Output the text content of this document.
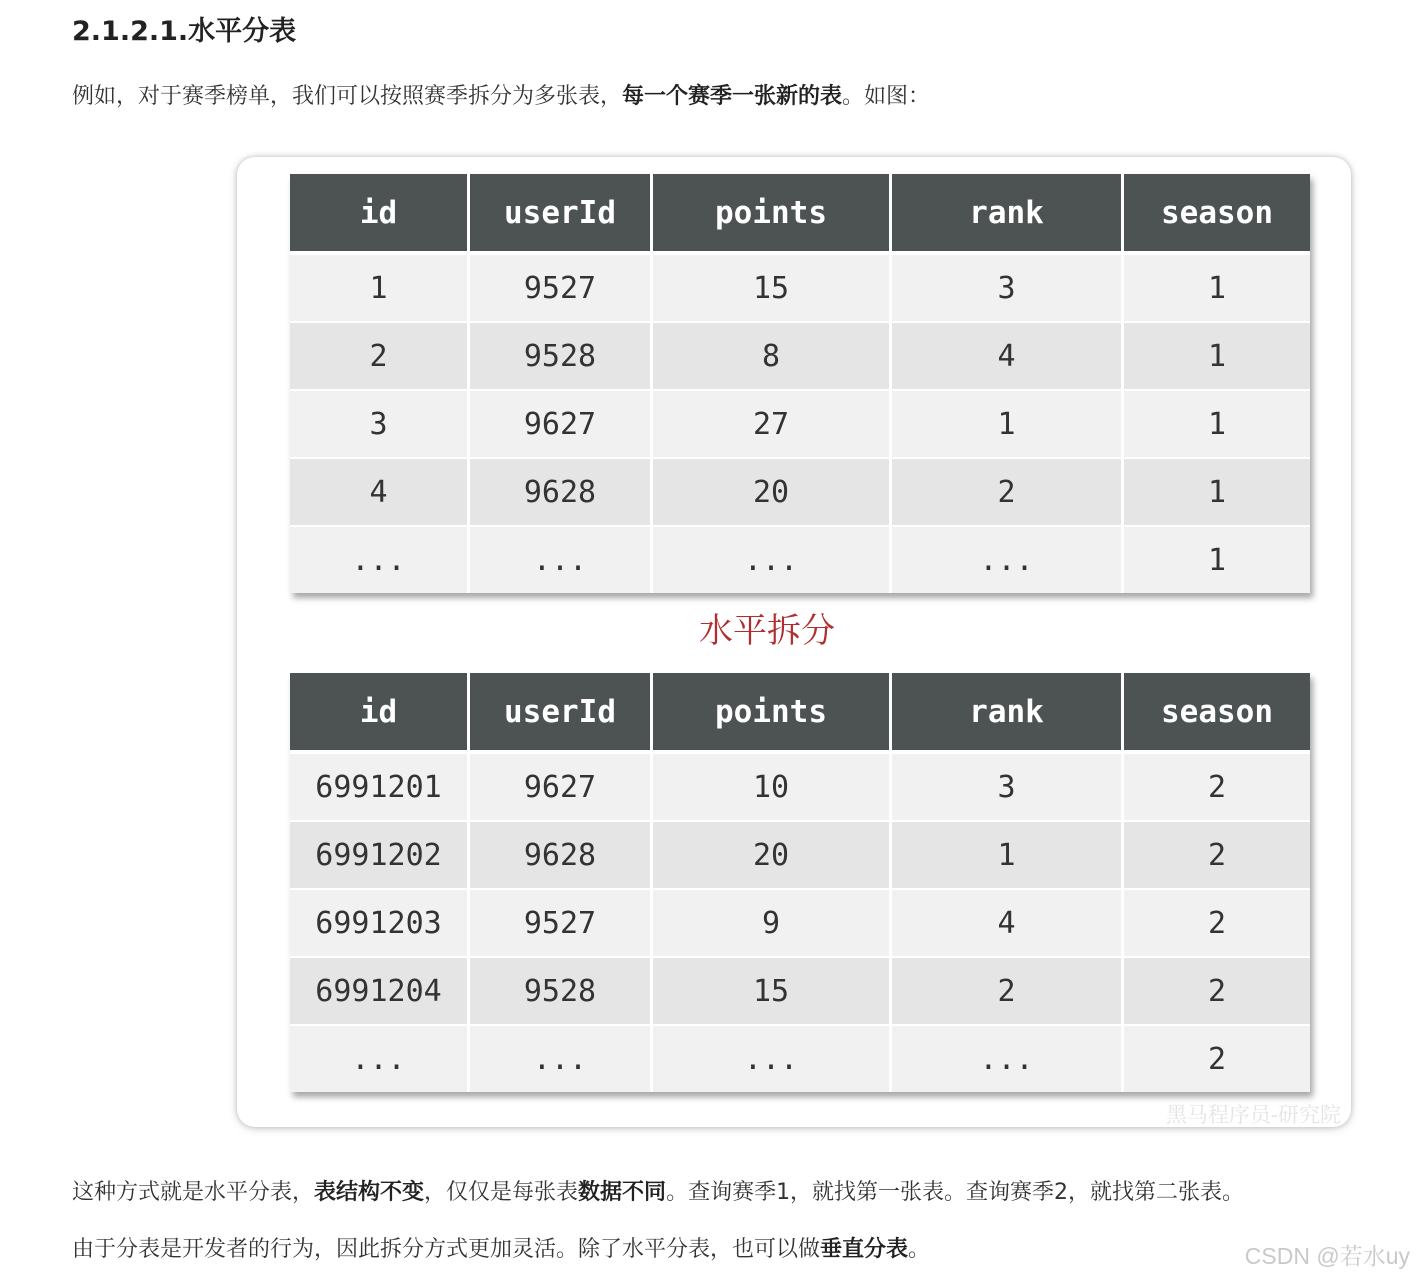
2.1.2.1.水平分表

例如，对于赛季榜单，我们可以按照赛季拆分为多张表，每一个赛季一张新的表。如图：

id	userId	points	rank	season
1	9527	15	3	1
2	9528	8	4	1
3	9627	27	1	1
4	9628	20	2	1
...	...	...	...	1
水平拆分
id	userId	points	rank	season
6991201	9627	10	3	2
6991202	9628	20	1	2
6991203	9527	9	4	2
6991204	9528	15	2	2
...	...	...	...	2
黑马程序员-研究院

这种方式就是水平分表，表结构不变，仅仅是每张表数据不同。查询赛季1，就找第一张表。查询赛季2，就找第二张表。

由于分表是开发者的行为，因此拆分方式更加灵活。除了水平分表，也可以做垂直分表。	CSDN @若水uy
